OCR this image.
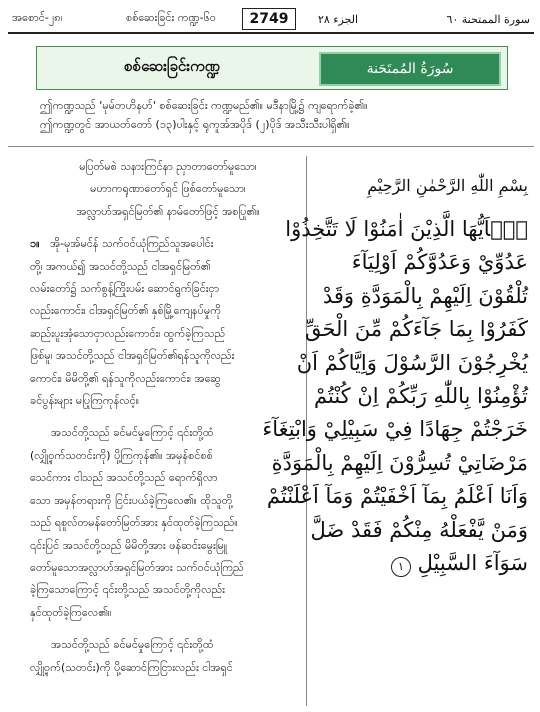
အစောင်-၂၈၊	စစ်ဆေးခြင်း ကဏ္ဍ-၆၀	2749	الجزء ٢٨	سورة الممتحنة ٦٠
စစ်ဆေးခြင်းကဏ္ဍ	سُورَةُ المُمتَحَنة
ဤကဏ္ဍသည် 'မုမ်တဟိနဟ်' စစ်ဆေးခြင်း ကဏ္ဍမည်၏။ မဒီနာမြို့၌ ကျရောက်ခဲ့၏။
ဤကဏ္ဍတွင် အာယတ်တော် (၁၃)ပါးနှင့် ရုကူအ်အပိုဒ် (၂)ပိုဒ် အသီးသီးပါရှိ၏။

မပြတ်မစဲ သနားကြင်နာ ညှာတာတော်မူသော၊

မဟာကရုဏာတော်ရှင် ဖြစ်တော်မူသော၊

အလ္လာဟ်အရှင်မြတ်၏ နာမ်တော်ဖြင့် အစပြု၏။

၁။ အို-မုအ်မင်န် သက်ဝင်ယုံကြည်သူအပေါင်း

တို့၊ အကယ်၍ အသင်တို့သည် ငါအရှင်မြတ်၏

လမ်းတော်၌ သက်စွန့်ကြိုးပမ်း ဆောင်ရွက်ခြင်းငှာ

လည်းကောင်း၊ ငါအရှင်မြတ်၏ နှစ်မြို့ကျေနပ်မှုကို

ဆည်းပူးအုံသောငှာလည်းကောင်း၊ ထွက်ခဲ့ကြသည်

ဖြစ်မူ၊ အသင်တို့သည် ငါအရှင်မြတ်၏ရန်သူကိုလည်း

ကောင်း၊ မိမိတို့၏ ရန်သူကိုလည်းကောင်း၊ အဆွေ

ခင်ပွန်းများ မပြုကြကုန်လင့်။

အသင်တို့သည် ခင်မင်မှုကြောင့် ၎င်းတို့ထံ

(လျှို့ဝှက်သတင်းကို) ပို့ကြကုန်၏။ အမှန်စင်စစ်

သေင်ကား ငါသည် အသင်တို့သည် ရောက်ရှိလာ

သော အမှန်တရားကို ငြင်းပယ်ခဲ့ကြလေ၏။ ထိုသူတို့

သည် ရစူလ်တမန်တော်မြတ်အား နှင်ထုတ်ခဲ့ကြသည်။

၎င်းပြင် အသင်တို့သည် မိမိတို့အား ဖန်ဆင်းမွေးမြူ

တော်မူသောအလ္လာဟ်အရှင်မြတ်အား သက်ဝင်ယုံကြည်

ခဲ့ကြသောကြောင့် ၎င်းတို့သည် အသင်တို့ကိုလည်း

နှင်ထုတ်ခဲ့ကြလေ၏။

အသင်တို့သည် ခင်မင်မှုကြောင့် ၎င်းတို့ထံ

လျှို့ဝှက်(သတင်း)ကို ပို့ဆောင်ကြငြားလည်း ငါအရှင်

بِسْمِ اللّٰهِ الرَّحْمٰنِ الرَّحِيْمِ
يٰۤاَيُّهَا الَّذِيْنَ اٰمَنُوْا لَا تَتَّخِذُوْا
عَدُوِّيْ وَعَدُوَّكُمْ اَوْلِيَآءَ
تُلْقُوْنَ اِلَيْهِمْ بِالْمَوَدَّةِ وَقَدْ
كَفَرُوْا بِمَا جَآءَكُمْ مِّنَ الْحَقِّ
يُخْرِجُوْنَ الرَّسُوْلَ وَاِيَّاكُمْ اَنْ
تُؤْمِنُوْا بِاللّٰهِ رَبِّكُمْ اِنْ كُنْتُمْ
خَرَجْتُمْ جِهَادًا فِيْ سَبِيْلِيْ وَابْتِغَآءَ
مَرْضَاتِيْ تُسِرُّوْنَ اِلَيْهِمْ بِالْمَوَدَّةِ
وَاَنَا اَعْلَمُ بِمَآ اَخْفَيْتُمْ وَمَآ اَعْلَنْتُمْ
وَمَنْ يَّفْعَلْهُ مِنْكُمْ فَقَدْ ضَلَّ
سَوَآءَ السَّبِيْلِ ١
